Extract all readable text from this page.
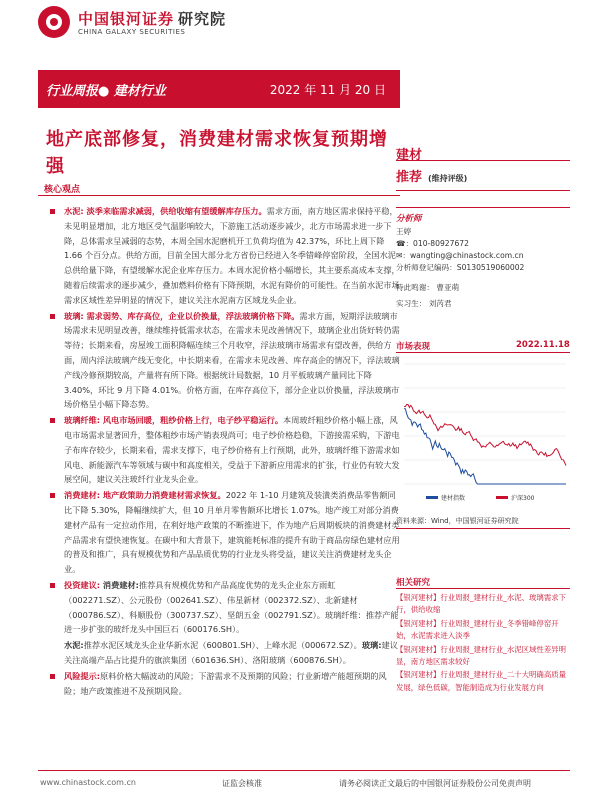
中国银河证券 研究院
CHINA GALAXY SECURITIES
行业周报● 建材行业	2022 年 11 月 20 日
地产底部修复，消费建材需求恢复预期增强
核心观点

水泥: 淡季来临需求减弱，供给收缩有望缓解库存压力。需求方面，南方地区需求保持平稳，未见明显增加，北方地区受气温影响较大，下游施工活动逐步减少，北方市场需求进一步下降，总体需求呈减弱的态势，本周全国水泥磨机开工负荷均值为 42.37%，环比上周下降 1.66 个百分点。供给方面，目前全国大部分北方省份已经进入冬季错峰停窑阶段，全国水泥总供给量下降，有望缓解水泥企业库存压力。本周水泥价格小幅增长，其主要系高成本支撑，随着后续需求的逐步减少，叠加燃料价格有下降预期，水泥有降价的可能性。在当前水泥市场需求区域性差异明显的情况下，建议关注水泥南方区域龙头企业。

玻璃: 需求弱势、库存高位，企业以价换量，浮法玻璃价格下降。需求方面，短期浮法玻璃市场需求未见明显改善，继续维持低需求状态，在需求未见改善情况下，玻璃企业出货好转仍需等待；长期来看，房屋竣工面积降幅连续三个月收窄，浮法玻璃市场需求有望改善，供给方面，周内浮法玻璃产线无变化，中长期来看，在需求未见改善、库存高企的情况下，浮法玻璃产线冷修预期较高，产量将有所下降。根据统计局数据，10 月平板玻璃产量同比下降 3.40%，环比 9 月下降 4.01%。价格方面，在库存高位下，部分企业以价换量，浮法玻璃市场价格呈小幅下降态势。

玻璃纤维: 风电市场回暖，粗纱价格上行，电子纱平稳运行。本周玻纤粗纱价格小幅上涨，风电市场需求显著回升，整体粗纱市场产销表现尚可；电子纱价格趋稳，下游接需采购，下游电子布库存较少，长期来看，需求支撑下，电子纱价格有上行预期，此外，玻璃纤维下游需求如风电、新能源汽车等领域与碳中和高度相关，受益于下游新应用需求的扩张，行业仍有较大发展空间，建议关注玻纤行业龙头企业。

消费建材: 地产政策助力消费建材需求恢复。2022 年 1-10 月建筑及装潢类消费品零售额同比下降 5.30%，降幅继续扩大，但 10 月单月零售额环比增长 1.07%。地产竣工对部分消费建材产品有一定拉动作用，在利好地产政策的不断推进下，作为地产后周期板块的消费建材类产品需求有望快速恢复。在碳中和大背景下，建筑能耗标准的提升有助于商品房绿色建材应用的普及和推广，具有规模优势和产品品质优势的行业龙头将受益，建议关注消费建材龙头企业。

投资建议: 消费建材:推荐具有规模优势和产品高度优势的龙头企业东方雨虹（002271.SZ）、公元股份（002641.SZ）、伟星新材（002372.SZ）、北新建材（000786.SZ）、科顺股份（300737.SZ）、坚朗五金（002791.SZ）。玻璃纤维：推荐产能进一步扩张的玻纤龙头中国巨石（600176.SH）。

水泥:推荐水泥区域龙头企业华新水泥（600801.SH）、上峰水泥（000672.SZ）。玻璃:建议关注高端产品占比提升的旗滨集团（601636.SH）、洛阳玻璃（600876.SH）。

风险提示:原料价格大幅波动的风险；下游需求不及预期的风险；行业新增产能超预期的风险；地产政策推进不及预期风险。

建材
推荐 (维持评级)
分析师
王婷
☎：010-80927672
✉：wangting@chinastock.com.cn
分析师登记编码：S0130519060002
特此鸣谢： 曹亚萌
实习生： 刘芮君
市场表现	2022.11.18
建材指数	沪深300
资料来源：Wind，中国银河证券研究院
相关研究
【银河建材】行业周报_建材行业_水泥、玻璃需求下行，供给收缩
【银河建材】行业周报_建材行业_冬季错峰停窑开始，水泥需求进入淡季
【银河建材】行业周报_建材行业_水泥区域性差异明显，南方地区需求较好
【银河建材】行业周报_建材行业_二十大明确高质量发展，绿色低碳，智能制造成为行业发展方向
www.chinastock.com.cn	证监会核准	请务必阅读正文最后的中国银河证券股份公司免责声明
